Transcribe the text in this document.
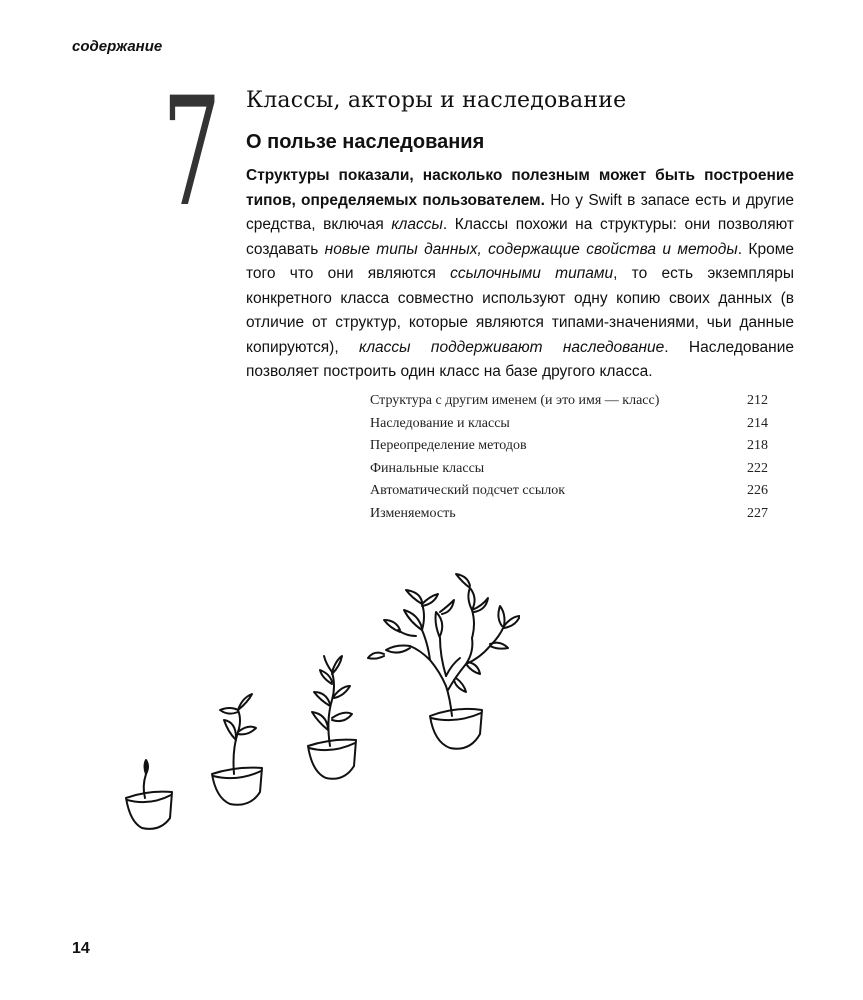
содержание
7 Классы, акторы и наследование
О пользе наследования
Структуры показали, насколько полезным может быть построение типов, определяемых пользователем. Но у Swift в запасе есть и другие средства, включая классы. Классы похожи на структуры: они позволяют создавать новые типы данных, содержащие свойства и методы. Кроме того что они являются ссылочными типами, то есть экземпляры конкретного класса совместно используют одну копию своих данных (в отличие от структур, которые являются типами-значениями, чьи данные копируются), классы поддерживают наследование. Наследование позволяет построить один класс на базе другого класса.
Структура с другим именем (и это имя — класс)	212
Наследование и классы	214
Переопределение методов	218
Финальные классы	222
Автоматический подсчет ссылок	226
Изменяемость	227
14
